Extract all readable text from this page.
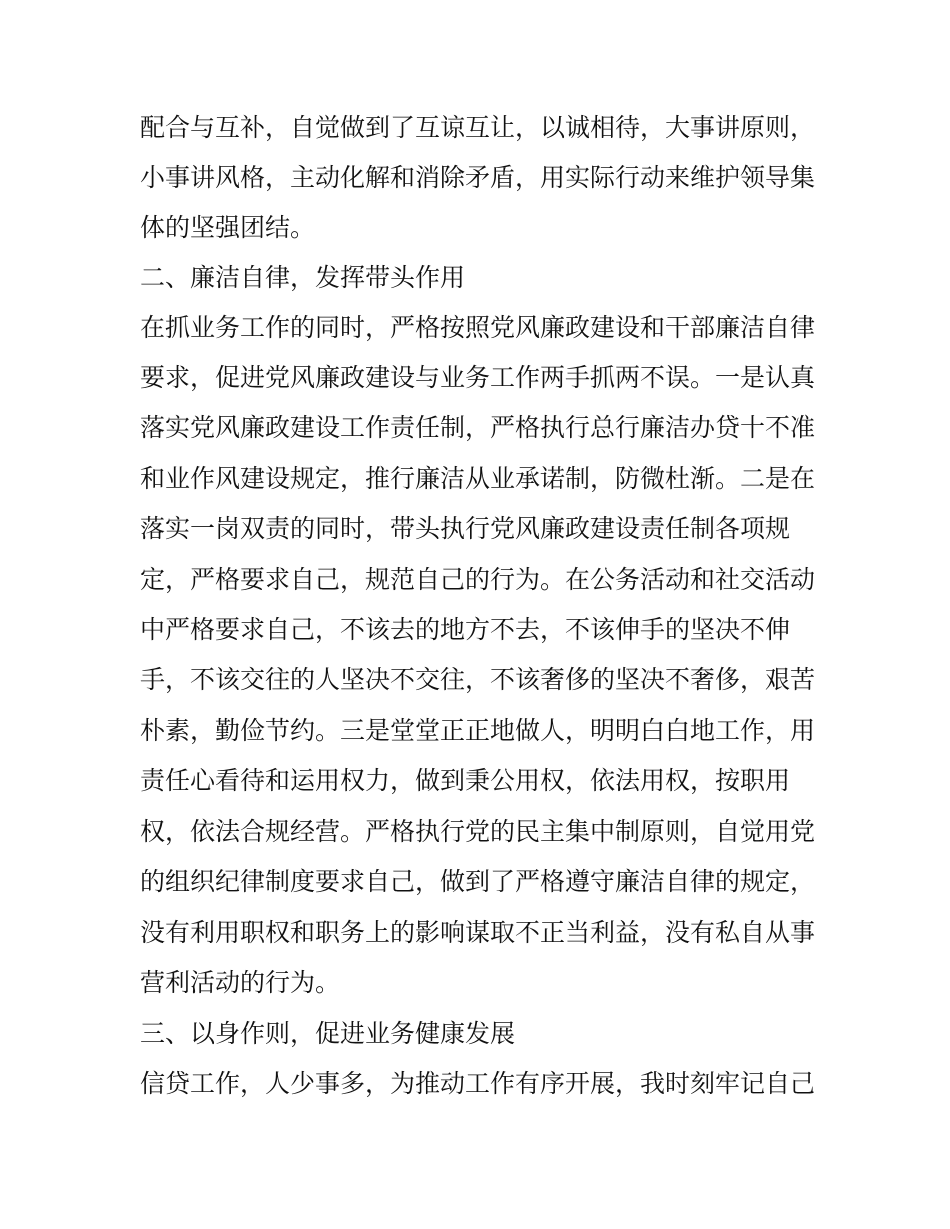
配合与互补，自觉做到了互谅互让，以诚相待，大事讲原则，
小事讲风格，主动化解和消除矛盾，用实际行动来维护领导集
体的坚强团结。
二、廉洁自律，发挥带头作用
在抓业务工作的同时，严格按照党风廉政建设和干部廉洁自律
要求，促进党风廉政建设与业务工作两手抓两不误。一是认真
落实党风廉政建设工作责任制，严格执行总行廉洁办贷十不准
和业作风建设规定，推行廉洁从业承诺制，防微杜渐。二是在
落实一岗双责的同时，带头执行党风廉政建设责任制各项规
定，严格要求自己，规范自己的行为。在公务活动和社交活动
中严格要求自己，不该去的地方不去，不该伸手的坚决不伸
手，不该交往的人坚决不交往，不该奢侈的坚决不奢侈，艰苦
朴素，勤俭节约。三是堂堂正正地做人，明明白白地工作，用
责任心看待和运用权力，做到秉公用权，依法用权，按职用
权，依法合规经营。严格执行党的民主集中制原则，自觉用党
的组织纪律制度要求自己，做到了严格遵守廉洁自律的规定，
没有利用职权和职务上的影响谋取不正当利益，没有私自从事
营利活动的行为。
三、以身作则，促进业务健康发展
信贷工作，人少事多，为推动工作有序开展，我时刻牢记自己
